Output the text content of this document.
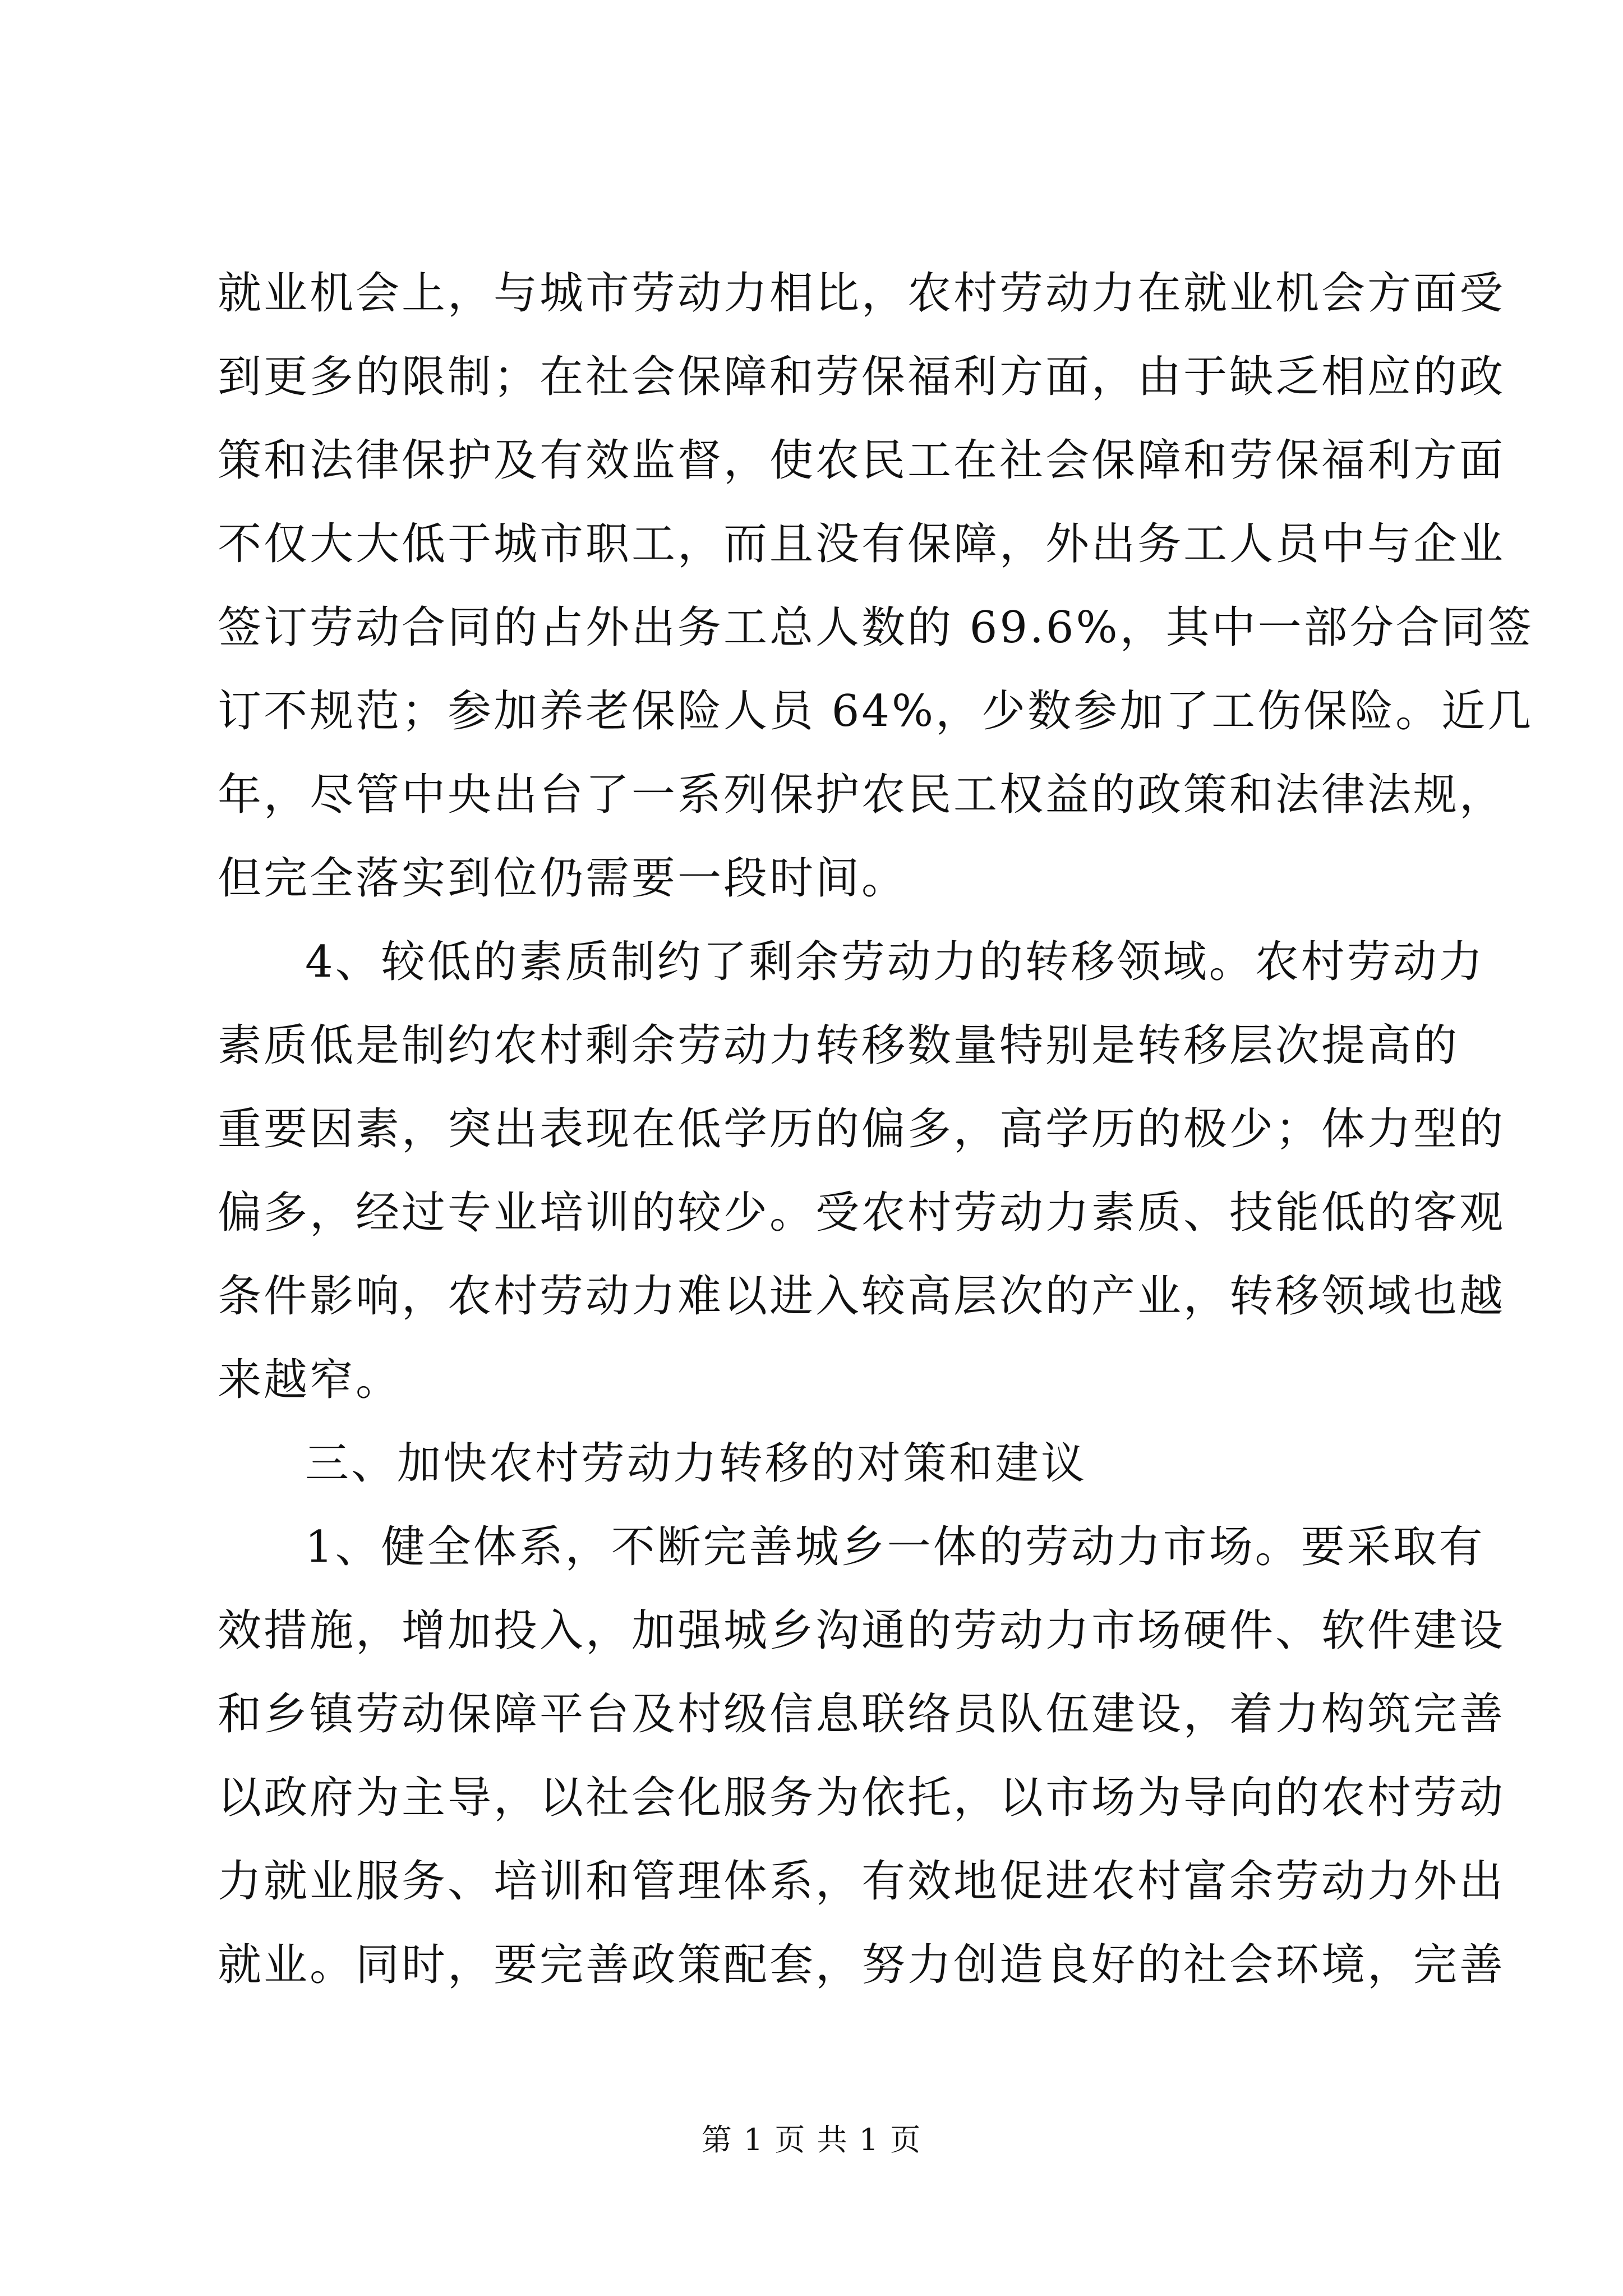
就业机会上，与城市劳动力相比，农村劳动力在就业机会方面受
到更多的限制；在社会保障和劳保福利方面，由于缺乏相应的政
策和法律保护及有效监督，使农民工在社会保障和劳保福利方面
不仅大大低于城市职工，而且没有保障，外出务工人员中与企业
签订劳动合同的占外出务工总人数的 69.6%，其中一部分合同签
订不规范；参加养老保险人员 64%，少数参加了工伤保险。近几
年，尽管中央出台了一系列保护农民工权益的政策和法律法规，
但完全落实到位仍需要一段时间。
4、较低的素质制约了剩余劳动力的转移领域。农村劳动力
素质低是制约农村剩余劳动力转移数量特别是转移层次提高的
重要因素，突出表现在低学历的偏多，高学历的极少；体力型的
偏多，经过专业培训的较少。受农村劳动力素质、技能低的客观
条件影响，农村劳动力难以进入较高层次的产业，转移领域也越
来越窄。
三、加快农村劳动力转移的对策和建议
1、健全体系，不断完善城乡一体的劳动力市场。要采取有
效措施，增加投入，加强城乡沟通的劳动力市场硬件、软件建设
和乡镇劳动保障平台及村级信息联络员队伍建设，着力构筑完善
以政府为主导，以社会化服务为依托，以市场为导向的农村劳动
力就业服务、培训和管理体系，有效地促进农村富余劳动力外出
就业。同时，要完善政策配套，努力创造良好的社会环境，完善
第 1 页 共 1 页
